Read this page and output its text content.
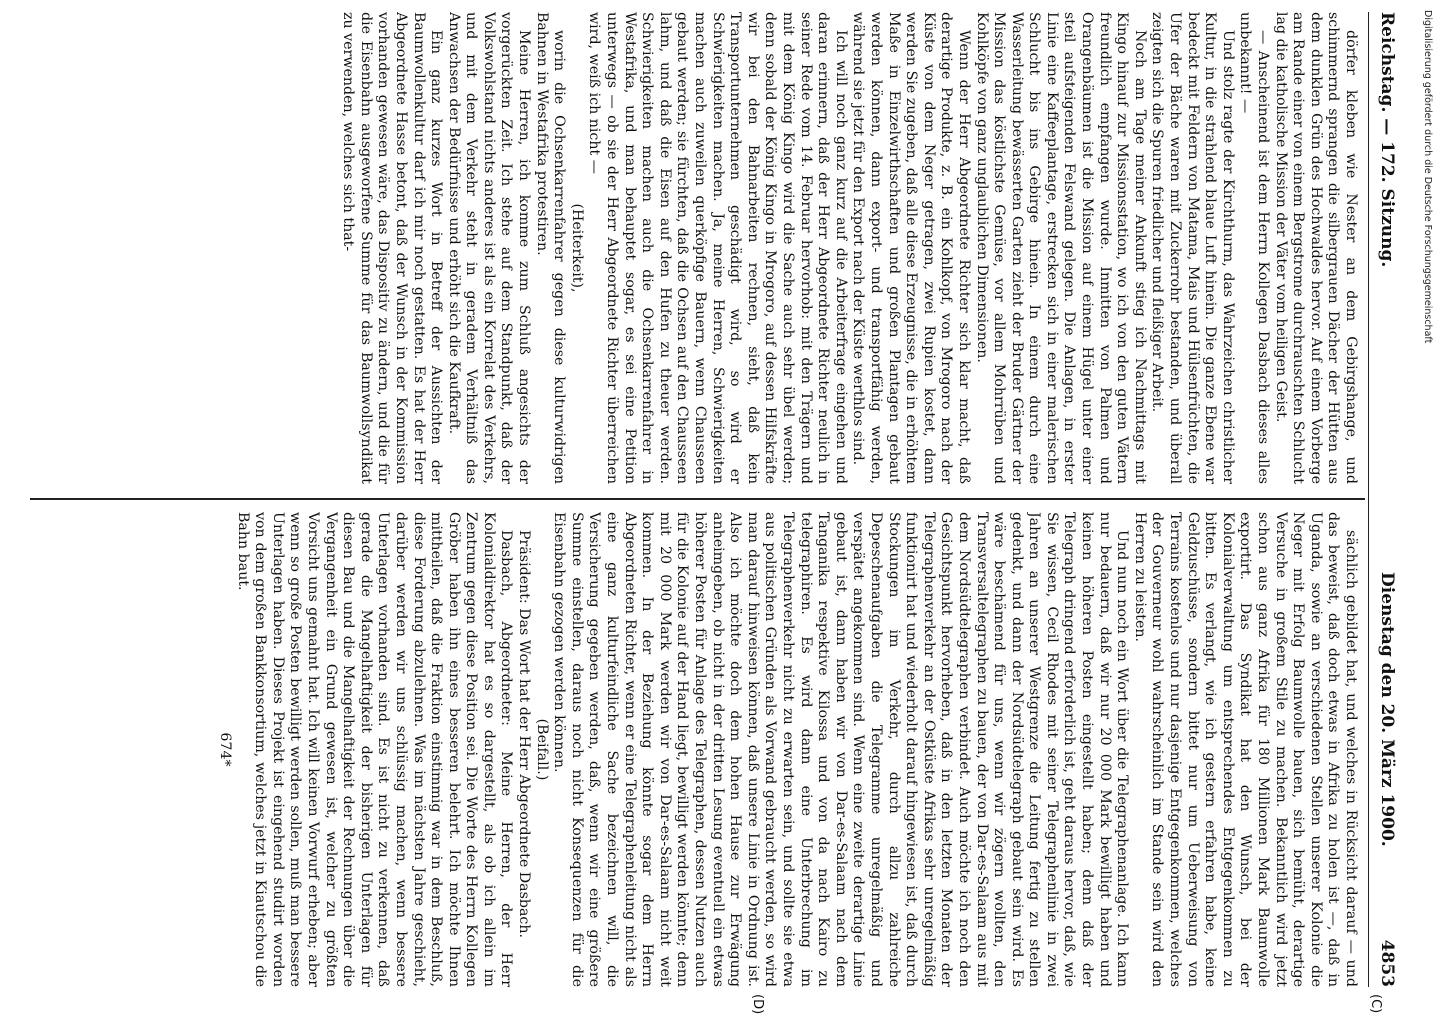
Reichstag. — 172. Sitzung.
Dienstag den 20. März 1900.
4853

dörfer kleben wie Nester an dem Gebirgshange, und schimmernd sprangen die silbergrauen Dächer der Hütten aus dem dunklen Grün des Hochwaldes hervor. Auf einem Vorberge am Rande einer von einem Bergstrome durchrauschten Schlucht lag die katholische Mission der Väter vom heiligen Geist.

— Anscheinend ist dem Herrn Kollegen Dasbach dieses alles unbekannt! —

Und stolz ragte der Kirchthurm, das Wahrzeichen christlicher Kultur, in die strahlend blaue Luft hinein. Die ganze Ebene war bedeckt mit Feldern von Matama, Mais und Hülsenfrüchten, die Ufer der Bäche waren mit Zuckerrohr bestanden, und überall zeigten sich die Spuren friedlicher und fleißiger Arbeit.

Noch am Tage meiner Ankunft stieg ich Nachmittags mit Kingo hinauf zur Missionsstation, wo ich von den guten Vätern freundlich empfangen wurde. Inmitten von Palmen und Orangenbäumen ist die Mission auf einem Hügel unter einer steil aufsteigenden Felswand gelegen. Die Anlagen, in erster Linie eine Kaffeeplantage, erstrecken sich in einer malerischen Schlucht bis ins Gebirge hinein. In einem durch eine Wasserleitung bewässerten Garten zieht der Bruder Gärtner der Mission das köstlichste Gemüse, vor allem Mohrrüben und Kohlköpfe von ganz unglaublichen Dimensionen.

Wenn der Herr Abgeordnete Richter sich klar macht, daß derartige Produkte, z. B. ein Kohlkopf, von Mrogoro nach der Küste von dem Neger getragen, zwei Rupien kostet, dann werden Sie zugeben, daß alle diese Erzeugnisse, die in erhöhtem Maße in Einzelwirthschaften und großen Plantagen gebaut werden können, dann export- und transportfähig werden, während sie jetzt für den Export nach der Küste werthlos sind.

Ich will noch ganz kurz auf die Arbeiterfrage eingehen und daran erinnern, daß der Herr Abgeordnete Richter neulich in seiner Rede vom 14. Februar hervorhob: mit den Trägern und mit dem König Kingo wird die Sache auch sehr übel werden; denn sobald der König Kingo in Mrogoro, auf dessen Hilfskräfte wir bei den Bahnarbeiten rechnen, sieht, daß kein Transportunternehmen geschädigt wird, so wird er Schwierigkeiten machen. Ja, meine Herren, Schwierigkeiten machen auch zuweilen querköpfige Bauern, wenn Chausseen gebaut werden; sie fürchten, daß die Ochsen auf den Chausseen lahm, und daß die Eisen auf den Hufen zu theuer werden. Schwierigkeiten machen auch die Ochsenkarrenfahrer in Westafrika, und man behauptet sogar, es sei eine Petition unterwegs — ob sie der Herr Abgeordnete Richter überreichen wird, weiß ich nicht —

(Heiterkeit),

worin die Ochsenkarrenfahrer gegen diese kulturwidrigen Bahnen in Westafrika protestiren.

Meine Herren, ich komme zum Schluß angesichts der vorgerückten Zeit. Ich stehe auf dem Standpunkt, daß der Volkswohlstand nichts anderes ist als ein Korrelat des Verkehrs, und mit dem Verkehr steht in geradem Verhältniß das Anwachsen der Bedürfnisse und erhöht sich die Kaufkraft.

Ein ganz kurzes Wort in Betreff der Aussichten der Baumwollenkultur darf ich mir noch gestatten. Es hat der Herr Abgeordnete Hasse betont, daß der Wunsch in der Kommission vorhanden gewesen wäre, das Dispositiv zu ändern, und die für die Eisenbahn ausgeworfene Summe für das Baumwollsyndikat zu verwenden, welches sich that-

sächlich gebildet hat, und welches in Rücksicht darauf — und das beweist, daß doch etwas in Afrika zu holen ist —, daß in Uganda, sowie an verschiedenen Stellen unserer Kolonie die Neger mit Erfolg Baumwolle bauen, sich bemüht, derartige Versuche in großem Stile zu machen. Bekanntlich wird jetzt schon aus ganz Afrika für 180 Millionen Mark Baumwolle exportirt. Das Syndikat hat den Wunsch, bei der Kolonialverwaltung um entsprechendes Entgegenkommen zu bitten. Es verlangt, wie ich gestern erfahren habe, keine Geldzuschüsse, sondern bittet nur um Ueberweisung von Terrains kostenlos und nur dasjenige Entgegenkommen, welches der Gouverneur wohl wahrscheinlich im Stande sein wird den Herren zu leisten.

Und nun noch ein Wort über die Telegraphenanlage. Ich kann nur bedauern, daß wir nur 20 000 Mark bewilligt haben und keinen höheren Posten eingestellt haben; denn daß der Telegraph dringend erforderlich ist, geht daraus hervor, daß, wie Sie wissen, Cecil Rhodes mit seiner Telegraphenlinie in zwei Jahren an unserer Westgrenze die Leitung fertig zu stellen gedenkt, und dann der Nordsüdtelegraph gebaut sein wird. Es wäre beschämend für uns, wenn wir zögern wollten, den Transversaltelegraphen zu bauen, der von Dar-es-Salaam aus mit dem Nordsüdtelegraphen verbindet. Auch möchte ich noch den Gesichtspunkt hervorheben, daß in den letzten Monaten der Telegraphenverkehr an der Ostküste Afrikas sehr unregelmäßig funktionirt hat und wiederholt darauf hingewiesen ist, daß durch Stockungen im Verkehr, durch allzu zahlreiche Depeschenaufgaben die Telegramme unregelmäßig und verspätet angekommen sind. Wenn eine zweite derartige Linie gebaut ist, dann haben wir von Dar-es-Salaam nach dem Tanganika respektive Kilossa und von da nach Kairo zu telegraphiren. Es wird dann eine Unterbrechung im Telegraphenverkehr nicht zu erwarten sein, und sollte sie etwa aus politischen Gründen als Vorwand gebraucht werden, so wird man darauf hinweisen können, daß unsere Linie in Ordnung ist. Also ich möchte doch dem hohen Hause zur Erwägung anheimgeben, ob nicht in der dritten Lesung eventuell ein etwas höherer Posten für Anlage des Telegraphen, dessen Nutzen auch für die Kolonie auf der Hand liegt, bewilligt werden könnte; denn mit 20 000 Mark werden wir von Dar-es-Salaam nicht weit kommen. In der Beziehung könnte sogar dem Herrn Abgeordneten Richter, wenn er eine Telegraphenleitung nicht als eine ganz kulturfeindliche Sache bezeichnen will, die Versicherung gegeben werden, daß, wenn wir eine größere Summe einstellen, daraus noch nicht Konsequenzen für die Eisenbahn gezogen werden können.

(Beifall.)

Präsident: Das Wort hat der Herr Abgeordnete Dasbach.

Dasbach, Abgeordneter: Meine Herren, der Herr Kolonialdirektor hat es so dargestellt, als ob ich allein im Zentrum gegen diese Position sei. Die Worte des Herrn Kollegen Gröber haben ihn eines besseren belehrt. Ich möchte Ihnen mittheilen, daß die Fraktion einstimmig war in dem Beschluß, diese Forderung abzulehnen. Was im nächsten Jahre geschieht, darüber werden wir uns schlüssig machen, wenn bessere Unterlagen vorhanden sind. Es ist nicht zu verkennen, daß gerade die Mangelhaftigkeit der bisherigen Unterlagen für diesen Bau und die Mangelhaftigkeit der Rechnungen über die Vergangenheit ein Grund gewesen ist, welcher zu größten Vorsicht uns gemahnt hat. Ich will keinen Vorwurf erheben; aber wenn so große Posten bewilligt werden sollen, muß man bessere Unterlagen haben. Dieses Projekt ist eingehend studirt worden von dem großen Bankkonsortium, welches jetzt in Kiautschou die Bahn baut.

674*

(C)
(D)
Digitalisierung gefördert durch die Deutsche Forschungsgemeinschaft
